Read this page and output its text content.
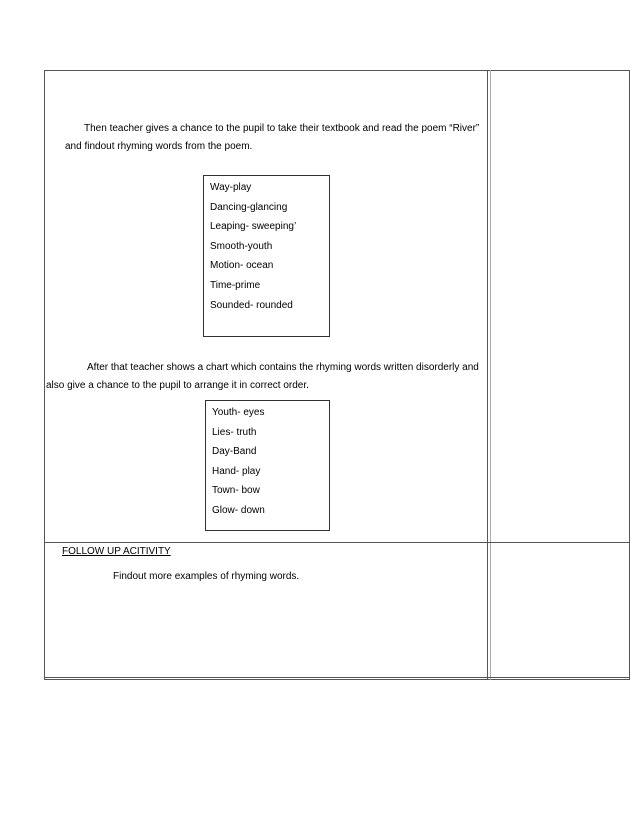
Then teacher gives a chance to the pupil to take their textbook and read the poem “River”
and findout rhyming words from the poem.
Way-play
Dancing-glancing
Leaping- sweeping’
Smooth-youth
Motion- ocean
Time-prime
Sounded- rounded
After that teacher shows a chart which contains the rhyming words written disorderly and
also give a chance to the pupil to arrange it in correct order.
Youth- eyes
Lies- truth
Day-Band
Hand- play
Town- bow
Glow- down
FOLLOW UP ACITIVITY
Findout more examples of rhyming words.
